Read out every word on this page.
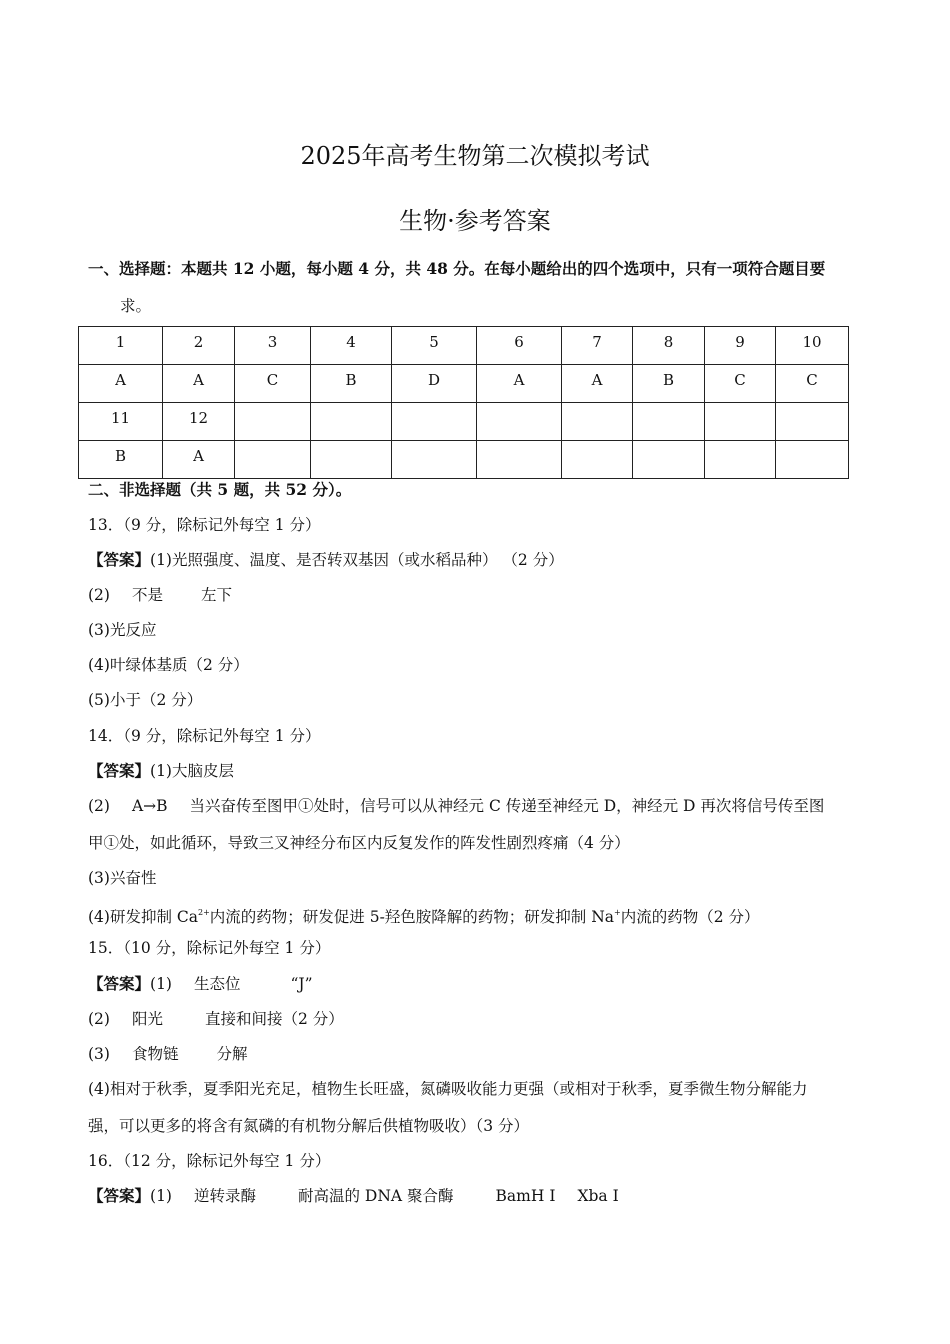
2025年高考生物第二次模拟考试
生物·参考答案
一、选择题：本题共 12 小题，每小题 4 分，共 48 分。在每小题给出的四个选项中，只有一项符合题目要
求。
1	2	3	4	5	6	7	8	9	10
A	A	C	B	D	A	A	B	C	C
11	12								
B	A								
二、非选择题（共 5 题，共 52 分）。
13．（9 分，除标记外每空 1 分）
【答案】(1)光照强度、温度、是否转双基因（或水稻品种） （2 分）
(2) 不是 左下
(3)光反应
(4)叶绿体基质（2 分）
(5)小于（2 分）
14．（9 分，除标记外每空 1 分）
【答案】(1)大脑皮层
(2) A→B 当兴奋传至图甲①处时，信号可以从神经元 C 传递至神经元 D，神经元 D 再次将信号传至图
甲①处，如此循环，导致三叉神经分布区内反复发作的阵发性剧烈疼痛（4 分）
(3)兴奋性
(4)研发抑制 $Ca^{2+}$内流的药物；研发促进 5-羟色胺降解的药物；研发抑制 Na+内流的药物（2 分）
15．（10 分，除标记外每空 1 分）
【答案】(1) 生态位	“J”
(2) 阳光	直接和间接（2 分）
(3) 食物链 分解
(4)相对于秋季，夏季阳光充足，植物生长旺盛，氮磷吸收能力更强（或相对于秋季，夏季微生物分解能力
强，可以更多的将含有氮磷的有机物分解后供植物吸收）（3 分）
16．（12 分，除标记外每空 1 分）
【答案】(1) 逆转录酶	耐高温的 DNA 聚合酶	BamH Ⅰ Xba Ⅰ
